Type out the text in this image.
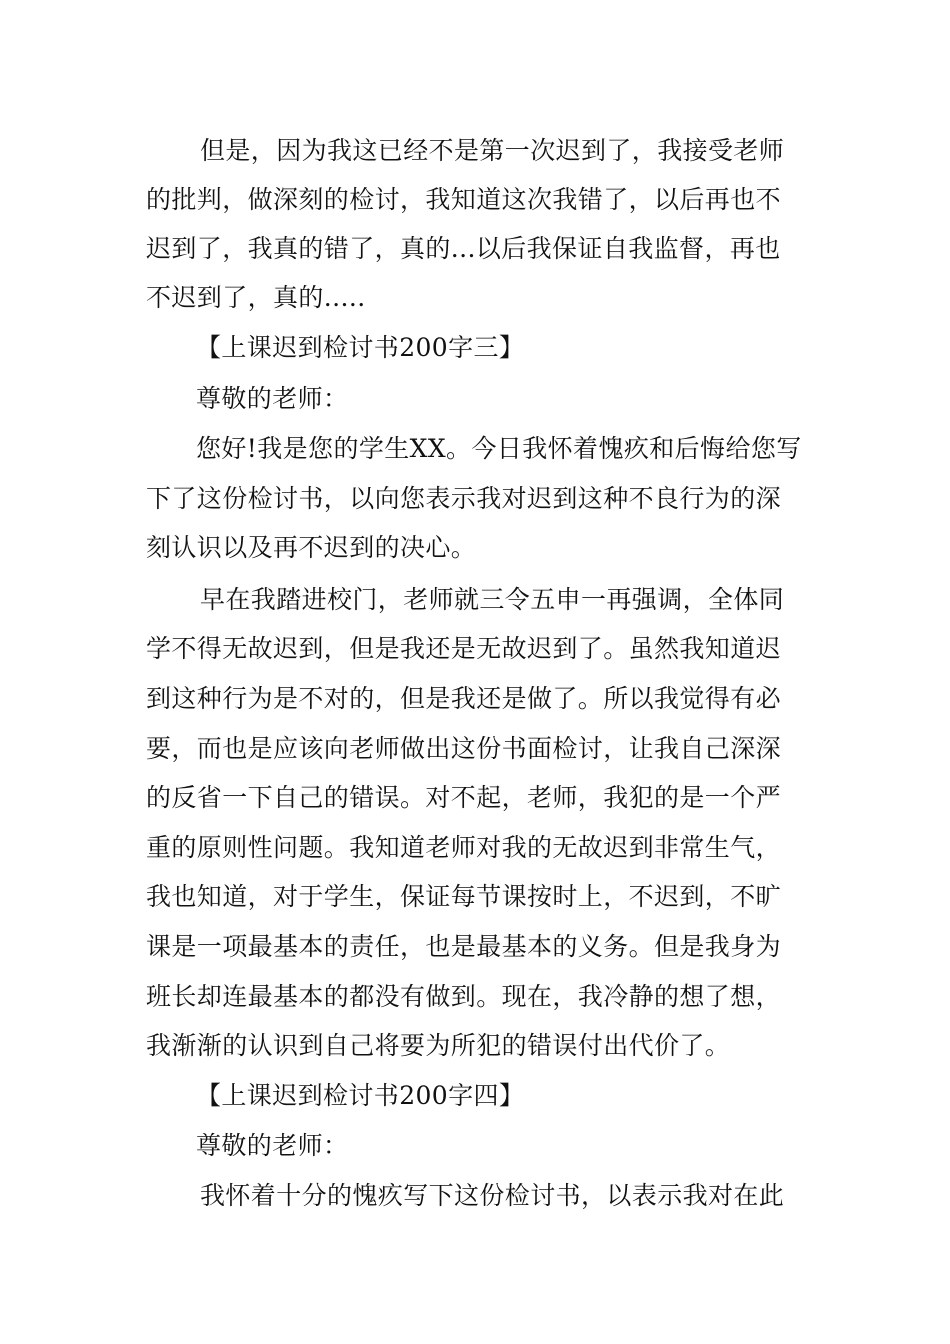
但是，因为我这已经不是第一次迟到了，我接受老师
的批判，做深刻的检讨，我知道这次我错了，以后再也不
迟到了，我真的错了，真的...以后我保证自我监督，再也
不迟到了，真的.....
【上课迟到检讨书200字三】
尊敬的老师：
您好!我是您的学生XX。今日我怀着愧疚和后悔给您写
下了这份检讨书，以向您表示我对迟到这种不良行为的深
刻认识以及再不迟到的决心。
早在我踏进校门，老师就三令五申一再强调，全体同
学不得无故迟到，但是我还是无故迟到了。虽然我知道迟
到这种行为是不对的，但是我还是做了。所以我觉得有必
要，而也是应该向老师做出这份书面检讨，让我自己深深
的反省一下自己的错误。对不起，老师，我犯的是一个严
重的原则性问题。我知道老师对我的无故迟到非常生气，
我也知道，对于学生，保证每节课按时上，不迟到，不旷
课是一项最基本的责任，也是最基本的义务。但是我身为
班长却连最基本的都没有做到。现在，我冷静的想了想，
我渐渐的认识到自己将要为所犯的错误付出代价了。
【上课迟到检讨书200字四】
尊敬的老师：
我怀着十分的愧疚写下这份检讨书，以表示我对在此
